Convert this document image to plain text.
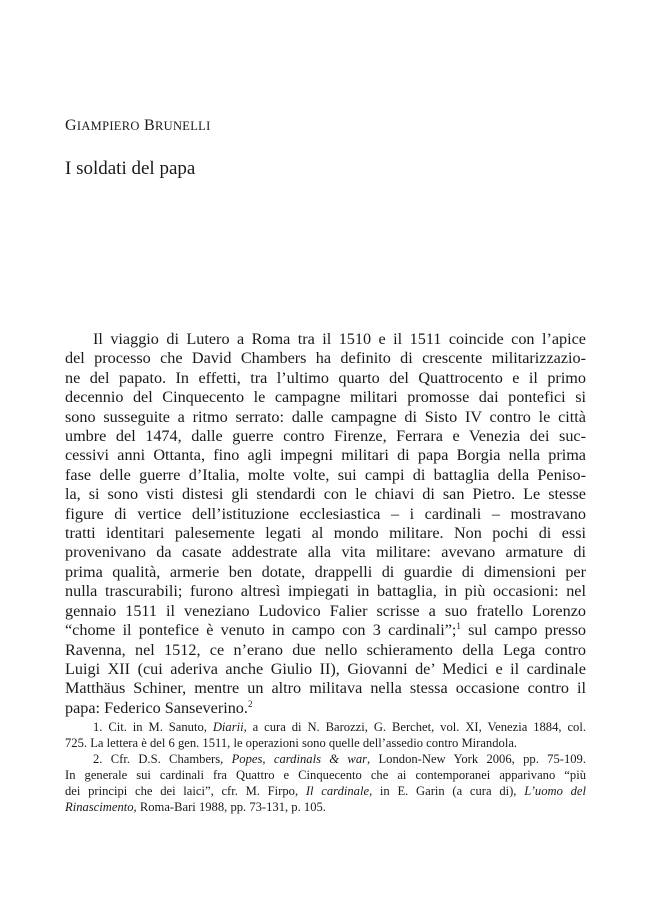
GIAMPIERO BRUNELLI
I soldati del papa
Il viaggio di Lutero a Roma tra il 1510 e il 1511 coincide con l’apice
del processo che David Chambers ha definito di crescente militarizzazio-
ne del papato. In effetti, tra l’ultimo quarto del Quattrocento e il primo
decennio del Cinquecento le campagne militari promosse dai pontefici si
sono susseguite a ritmo serrato: dalle campagne di Sisto IV contro le città
umbre del 1474, dalle guerre contro Firenze, Ferrara e Venezia dei suc-
cessivi anni Ottanta, fino agli impegni militari di papa Borgia nella prima
fase delle guerre d’Italia, molte volte, sui campi di battaglia della Peniso-
la, si sono visti distesi gli stendardi con le chiavi di san Pietro. Le stesse
figure di vertice dell’istituzione ecclesiastica – i cardinali – mostravano
tratti identitari palesemente legati al mondo militare. Non pochi di essi
provenivano da casate addestrate alla vita militare: avevano armature di
prima qualità, armerie ben dotate, drappelli di guardie di dimensioni per
nulla trascurabili; furono altresì impiegati in battaglia, in più occasioni: nel
gennaio 1511 il veneziano Ludovico Falier scrisse a suo fratello Lorenzo
“chome il pontefice è venuto in campo con 3 cardinali”;$^1$ sul campo presso
Ravenna, nel 1512, ce n’erano due nello schieramento della Lega contro
Luigi XII (cui aderiva anche Giulio II), Giovanni de’ Medici e il cardinale
Matthäus Schiner, mentre un altro militava nella stessa occasione contro il
papa: Federico Sanseverino.$^2$
1. Cit. in M. Sanuto, Diarii, a cura di N. Barozzi, G. Berchet, vol. XI, Venezia 1884, col.
725. La lettera è del 6 gen. 1511, le operazioni sono quelle dell’assedio contro Mirandola.
2. Cfr. D.S. Chambers, Popes, cardinals & war, London-New York 2006, pp. 75-109.
In generale sui cardinali fra Quattro e Cinquecento che ai contemporanei apparivano “più
dei principi che dei laici”, cfr. M. Firpo, Il cardinale, in E. Garin (a cura di), L’uomo del
Rinascimento, Roma-Bari 1988, pp. 73-131, p. 105.
